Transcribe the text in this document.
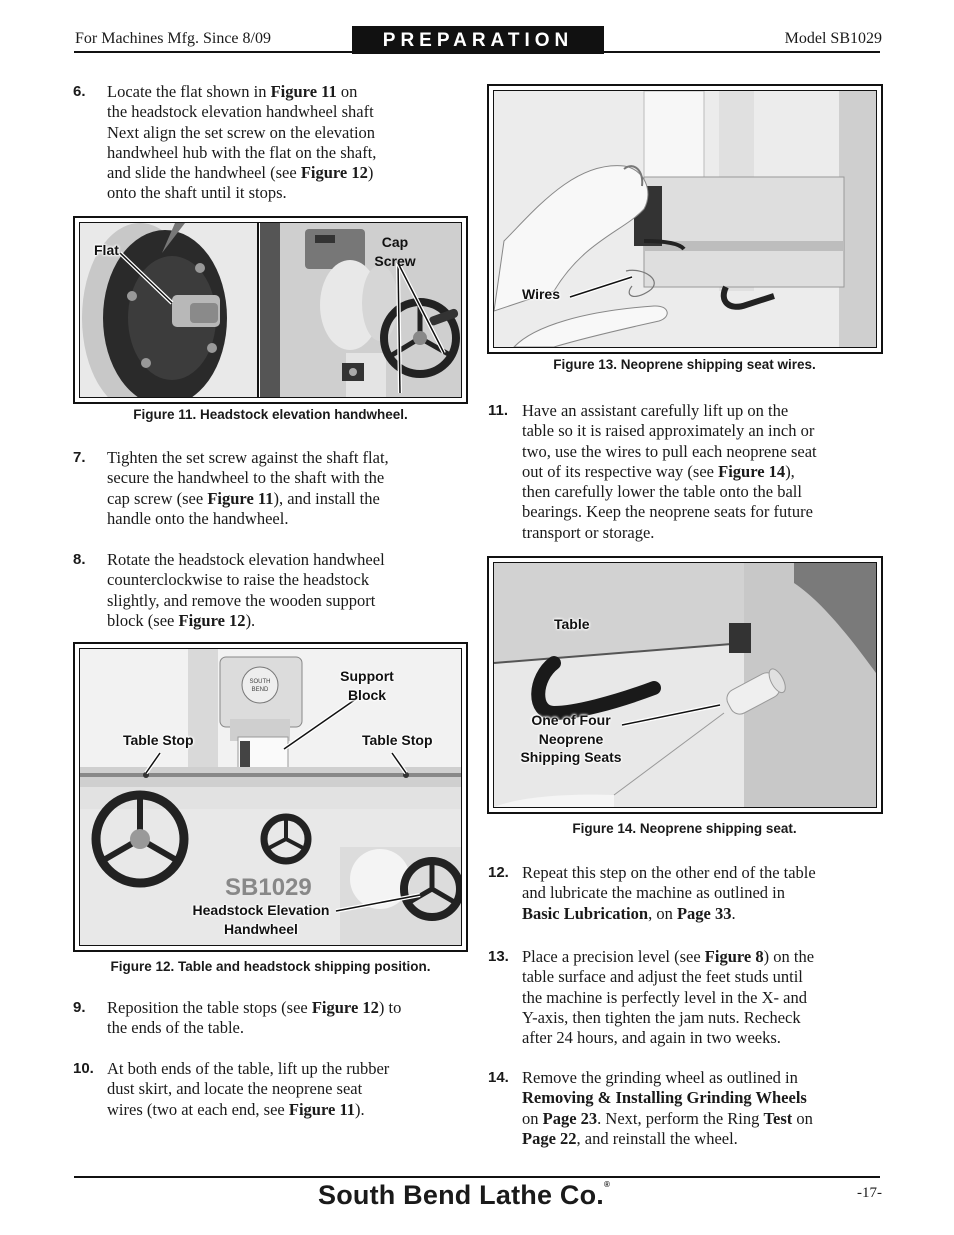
For Machines Mfg. Since 8/09	PREPARATION	Model SB1029
6. Locate the flat shown in Figure 11 on
the headstock elevation handwheel shaft
Next align the set screw on the elevation
handwheel hub with the flat on the shaft,
and slide the handwheel (see Figure 12)
onto the shaft until it stops.
Flat	Cap
Screw
Figure 11. Headstock elevation handwheel.
7. Tighten the set screw against the shaft flat,
secure the handwheel to the shaft with the
cap screw (see Figure 11), and install the
handle onto the handwheel.
8. Rotate the headstock elevation handwheel
counterclockwise to raise the headstock
slightly, and remove the wooden support
block (see Figure 12).
SOUTH
BEND
SB1029
Support
Block
Table Stop	Table Stop
Headstock Elevation
Handwheel
Figure 12. Table and headstock shipping position.
9. Reposition the table stops (see Figure 12) to
the ends of the table.
10. At both ends of the table, lift up the rubber
dust skirt, and locate the neoprene seat
wires (two at each end, see Figure 11).
Wires
Figure 13. Neoprene shipping seat wires.
11. Have an assistant carefully lift up on the
table so it is raised approximately an inch or
two, use the wires to pull each neoprene seat
out of its respective way (see Figure 14),
then carefully lower the table onto the ball
bearings. Keep the neoprene seats for future
transport or storage.
Table
One of Four
Neoprene
Shipping Seats
Figure 14. Neoprene shipping seat.
12. Repeat this step on the other end of the table
and lubricate the machine as outlined in
Basic Lubrication, on Page 33.
13. Place a precision level (see Figure 8) on the
table surface and adjust the feet studs until
the machine is perfectly level in the X- and
Y-axis, then tighten the jam nuts. Recheck
after 24 hours, and again in two weeks.
14. Remove the grinding wheel as outlined in
Removing & Installing Grinding Wheels
on Page 23. Next, perform the Ring Test on
Page 22, and reinstall the wheel.
South Bend Lathe Co.®
-17-
